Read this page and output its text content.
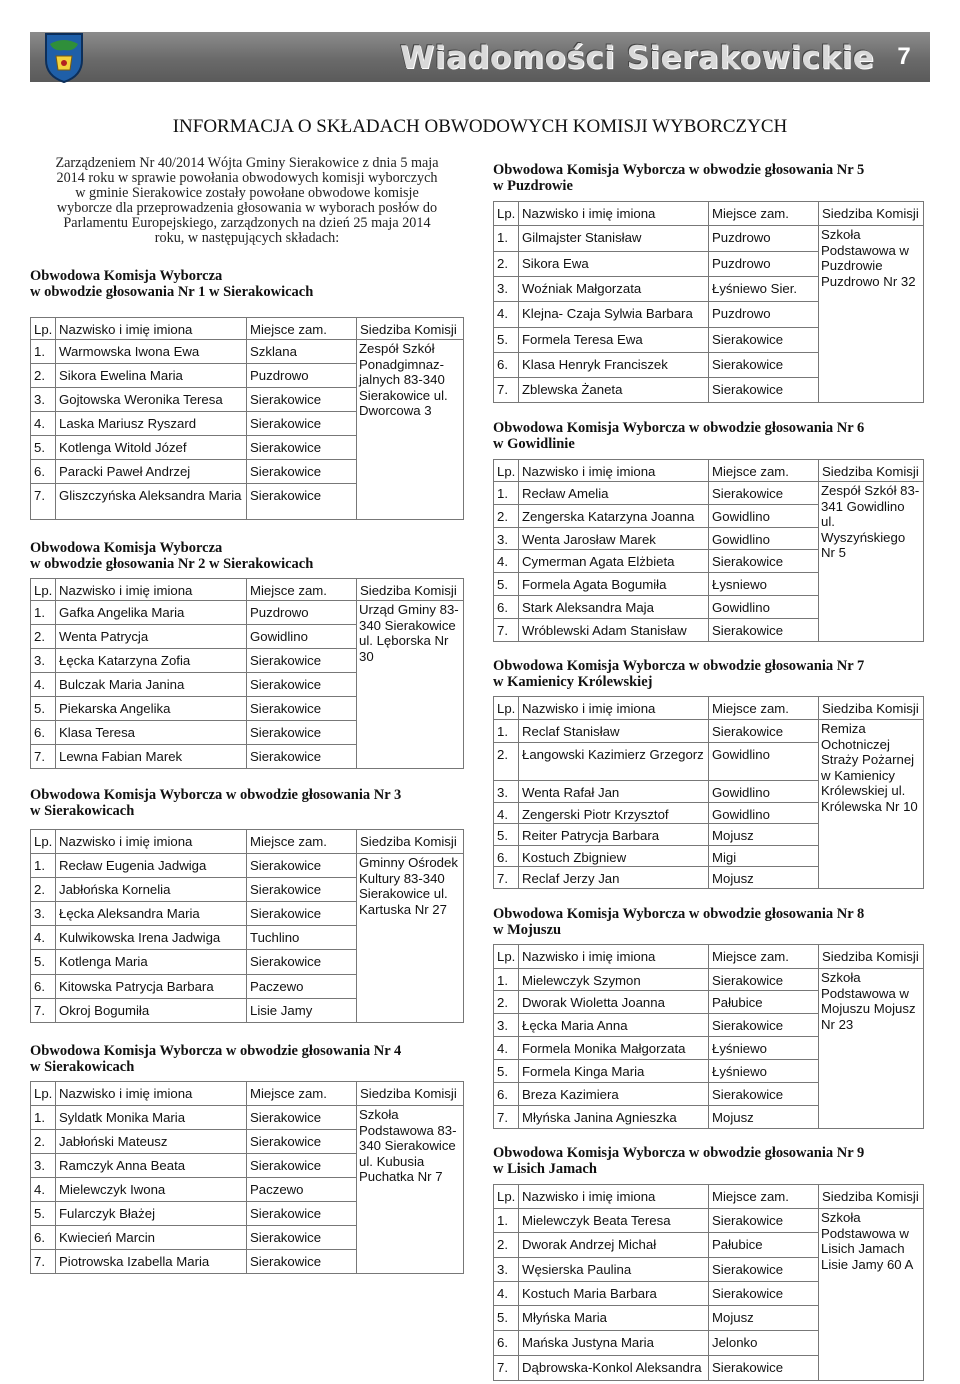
Wiadomości Sierakowickie 7
INFORMACJA O SKŁADACH OBWODOWYCH KOMISJI WYBORCZYCH
Zarządzeniem Nr 40/2014 Wójta Gminy Sierakowice z dnia 5 maja
2014 roku w sprawie powołania obwodowych komisji wyborczych
w gminie Sierakowice zostały powołane obwodowe komisje
wyborcze dla przeprowadzenia głosowania w wyborach posłów do
Parlamentu Europejskiego, zarządzonych na dzień 25 maja 2014
roku, w następujących składach:
Obwodowa Komisja Wyborcza
w obwodzie głosowania Nr 1 w Sierakowicach
Lp.	Nazwisko i imię imiona	Miejsce zam.	Siedziba Komisji
1.	Warmowska Iwona Ewa	Szklana	Zespół Szkół Ponadgimnaz-jalnych 83-340 Sierakowice ul. Dworcowa 3

2.	Sikora Ewelina Maria	Puzdrowo	
3.	Gojtowska Weronika Teresa	Sierakowice	
4.	Laska Mariusz Ryszard	Sierakowice	
5.	Kotlenga Witold Józef	Sierakowice	
6.	Paracki Paweł Andrzej	Sierakowice	
7.	Gliszczyńska Aleksandra Maria	Sierakowice	
Obwodowa Komisja Wyborcza
w obwodzie głosowania Nr 2 w Sierakowicach
Lp.	Nazwisko i imię imiona	Miejsce zam.	Siedziba Komisji
1.	Gafka Angelika Maria	Puzdrowo	Urząd Gminy 83-340 Sierakowice ul. Lęborska Nr 30

2.	Wenta Patrycja	Gowidlino	
3.	Łęcka Katarzyna Zofia	Sierakowice	
4.	Bulczak Maria Janina	Sierakowice	
5.	Piekarska Angelika	Sierakowice	
6.	Klasa Teresa	Sierakowice	
7.	Lewna Fabian Marek	Sierakowice	
Obwodowa Komisja Wyborcza w obwodzie głosowania Nr 3
w Sierakowicach
Lp.	Nazwisko i imię imiona	Miejsce zam.	Siedziba Komisji
1.	Recław Eugenia Jadwiga	Sierakowice	Gminny Ośrodek Kultury 83-340 Sierakowice ul. Kartuska Nr 27

2.	Jabłońska Kornelia	Sierakowice	
3.	Łęcka Aleksandra Maria	Sierakowice	
4.	Kulwikowska Irena Jadwiga	Tuchlino	
5.	Kotlenga Maria	Sierakowice	
6.	Kitowska Patrycja Barbara	Paczewo	
7.	Okroj Bogumiła	Lisie Jamy	
Obwodowa Komisja Wyborcza w obwodzie głosowania Nr 4
w Sierakowicach
Lp.	Nazwisko i imię imiona	Miejsce zam.	Siedziba Komisji
1.	Syldatk Monika Maria	Sierakowice	Szkoła Podstawowa 83-340 Sierakowice ul. Kubusia Puchatka Nr 7

2.	Jabłoński Mateusz	Sierakowice	
3.	Ramczyk Anna Beata	Sierakowice	
4.	Mielewczyk Iwona	Paczewo	
5.	Fularczyk Błażej	Sierakowice	
6.	Kwiecień Marcin	Sierakowice	
7.	Piotrowska Izabella Maria	Sierakowice	
Obwodowa Komisja Wyborcza w obwodzie głosowania Nr 5
w Puzdrowie
Lp.	Nazwisko i imię imiona	Miejsce zam.	Siedziba Komisji
1.	Gilmajster Stanisław	Puzdrowo	Szkoła Podstawowa w Puzdrowie Puzdrowo Nr 32

2.	Sikora Ewa	Puzdrowo	
3.	Woźniak Małgorzata	Łyśniewo Sier.	
4.	Klejna- Czaja Sylwia Barbara	Puzdrowo	
5.	Formela Teresa Ewa	Sierakowice	
6.	Klasa Henryk Franciszek	Sierakowice	
7.	Zblewska Żaneta	Sierakowice	
Obwodowa Komisja Wyborcza w obwodzie głosowania Nr 6
w Gowidlinie
Lp.	Nazwisko i imię imiona	Miejsce zam.	Siedziba Komisji
1.	Recław Amelia	Sierakowice	Zespół Szkół 83-341 Gowidlino ul. Wyszyńskiego Nr 5

2.	Zengerska Katarzyna Joanna	Gowidlino	
3.	Wenta Jarosław Marek	Gowidlino	
4.	Cymerman Agata Elżbieta	Sierakowice	
5.	Formela Agata Bogumiła	Łysniewo	
6.	Stark Aleksandra Maja	Gowidlino	
7.	Wróblewski Adam Stanisław	Sierakowice	
Obwodowa Komisja Wyborcza w obwodzie głosowania Nr 7
w Kamienicy Królewskiej
Lp.	Nazwisko i imię imiona	Miejsce zam.	Siedziba Komisji
1.	Reclaf Stanisław	Sierakowice	Remiza Ochotniczej Straży Pożarnej w Kamienicy Królewskiej ul. Królewska Nr 10

2.	Łangowski Kazimierz Grzegorz	Gowidlino	
3.	Wenta Rafał Jan	Gowidlino	
4.	Zengerski Piotr Krzysztof	Gowidlino	
5.	Reiter Patrycja Barbara	Mojusz	
6.	Kostuch Zbigniew	Migi	
7.	Reclaf Jerzy Jan	Mojusz	
Obwodowa Komisja Wyborcza w obwodzie głosowania Nr 8
w Mojuszu
Lp.	Nazwisko i imię imiona	Miejsce zam.	Siedziba Komisji
1.	Mielewczyk Szymon	Sierakowice	Szkoła Podstawowa w Mojuszu Mojusz Nr 23

2.	Dworak Wioletta Joanna	Pałubice	
3.	Łęcka Maria Anna	Sierakowice	
4.	Formela Monika Małgorzata	Łyśniewo	
5.	Formela Kinga Maria	Łyśniewo	
6.	Breza Kazimiera	Sierakowice	
7.	Młyńska Janina Agnieszka	Mojusz	
Obwodowa Komisja Wyborcza w obwodzie głosowania Nr 9
w Lisich Jamach
Lp.	Nazwisko i imię imiona	Miejsce zam.	Siedziba Komisji
1.	Mielewczyk Beata Teresa	Sierakowice	Szkoła Podstawowa w Lisich Jamach Lisie Jamy 60 A

2.	Dworak Andrzej Michał	Pałubice	
3.	Węsierska Paulina	Sierakowice	
4.	Kostuch Maria Barbara	Sierakowice	
5.	Młyńska Maria	Mojusz	
6.	Mańska Justyna Maria	Jelonko	
7.	Dąbrowska-Konkol Aleksandra	Sierakowice	
